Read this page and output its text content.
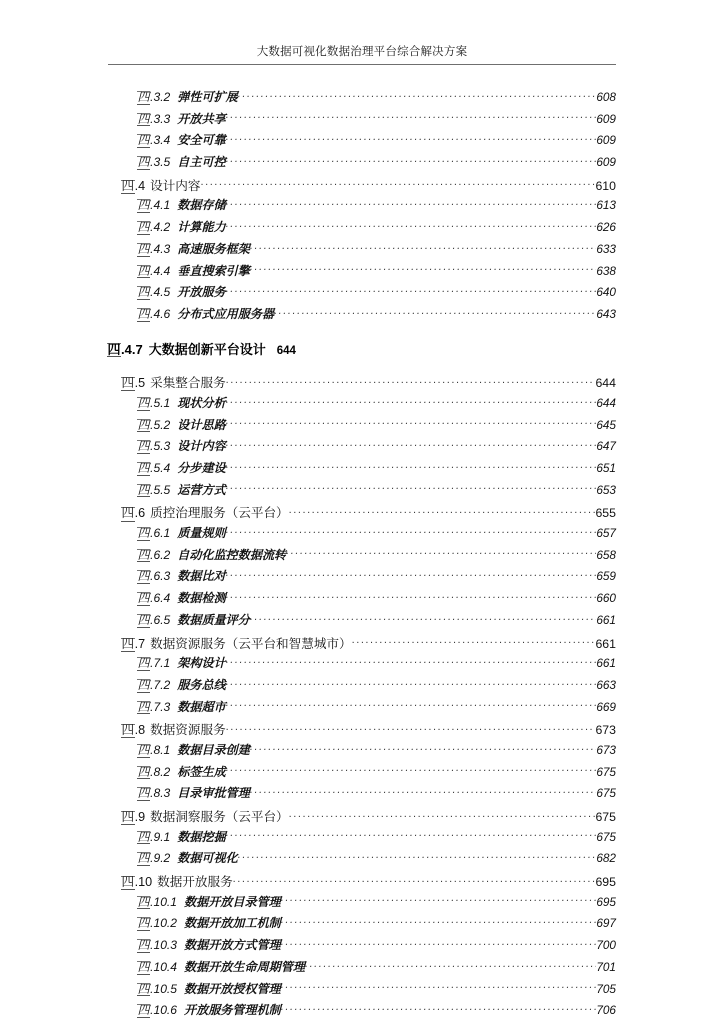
大数据可视化数据治理平台综合解决方案
四.3.2 弹性可扩展 .....	608
四.3.3 开放共享 .....	609
四.3.4 安全可靠 .....	609
四.3.5 自主可控 .....	609
四.4 设计内容 .....	610
四.4.1 数据存储 .....	613
四.4.2 计算能力 .....	626
四.4.3 高速服务框架 .....	633
四.4.4 垂直搜索引擎 .....	638
四.4.5 开放服务 .....	640
四.4.6 分布式应用服务器 .....	643
四.4.7 大数据创新平台设计 644
四.5 采集整合服务 .....	644
四.5.1 现状分析 .....	644
四.5.2 设计思路 .....	645
四.5.3 设计内容 .....	647
四.5.4 分步建设 .....	651
四.5.5 运营方式 .....	653
四.6 质控治理服务（云平台） .....	655
四.6.1 质量规则 .....	657
四.6.2 自动化监控数据流转 .....	658
四.6.3 数据比对 .....	659
四.6.4 数据检测 .....	660
四.6.5 数据质量评分 .....	661
四.7 数据资源服务（云平台和智慧城市） .....	661
四.7.1 架构设计 .....	661
四.7.2 服务总线 .....	663
四.7.3 数据超市 .....	669
四.8 数据资源服务 .....	673
四.8.1 数据目录创建 .....	673
四.8.2 标签生成 .....	675
四.8.3 目录审批管理 .....	675
四.9 数据洞察服务（云平台） .....	675
四.9.1 数据挖掘 .....	675
四.9.2 数据可视化 .....	682
四.10 数据开放服务 .....	695
四.10.1 数据开放目录管理 .....	695
四.10.2 数据开放加工机制 .....	697
四.10.3 数据开放方式管理 .....	700
四.10.4 数据开放生命周期管理 .....	701
四.10.5 数据开放授权管理 .....	705
四.10.6 开放服务管理机制 .....	706
